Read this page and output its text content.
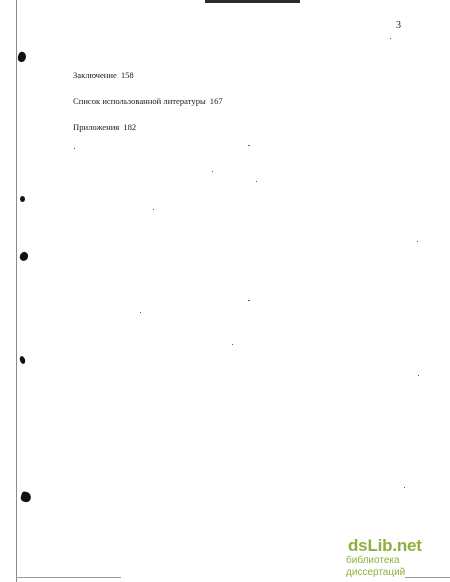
3
Заключение 158
Список использованной литературы 167
Приложения 182
dsLib.net
библиотека диссертаций
